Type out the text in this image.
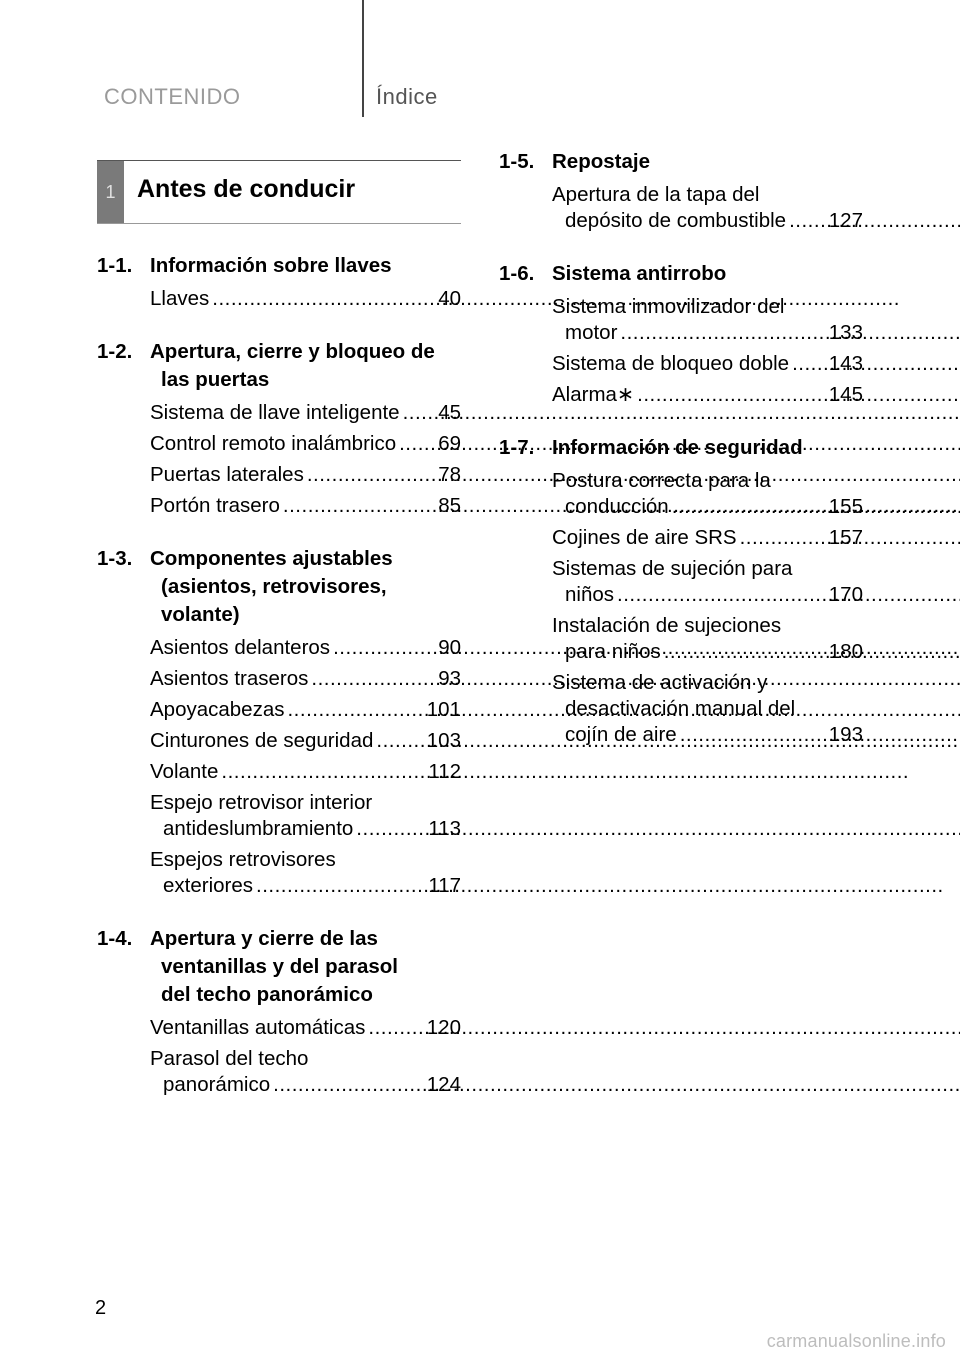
CONTENIDO	Índice
1 Antes de conducir
1-1. Información sobre llaves
Llaves .....	40
1-2. Apertura, cierre y bloqueo de
las puertas
Sistema de llave inteligente .....	45
Control remoto inalámbrico .....	69
Puertas laterales .....	78
Portón trasero .....	85
1-3. Componentes ajustables
(asientos, retrovisores,
volante)
Asientos delanteros .....	90
Asientos traseros .....	93
Apoyacabezas .....	101
Cinturones de seguridad .....	103
Volante .....	112
Espejo retrovisor interior
antideslumbramiento .....	113
Espejos retrovisores
exteriores .....	117
1-4. Apertura y cierre de las
ventanillas y del parasol
del techo panorámico
Ventanillas automáticas .....	120
Parasol del techo
panorámico .....	124
1-5. Repostaje
Apertura de la tapa del
depósito de combustible .....	127
1-6. Sistema antirrobo
Sistema inmovilizador del
motor .....	133
Sistema de bloqueo doble .....	143
Alarma∗ .....	145
1-7. Información de seguridad
Postura correcta para la
conducción .....	155
Cojines de aire SRS .....	157
Sistemas de sujeción para
niños .....	170
Instalación de sujeciones
para niños .....	180
Sistema de activación y
desactivación manual del
cojín de aire .....	193
2
carmanualsonline.info
